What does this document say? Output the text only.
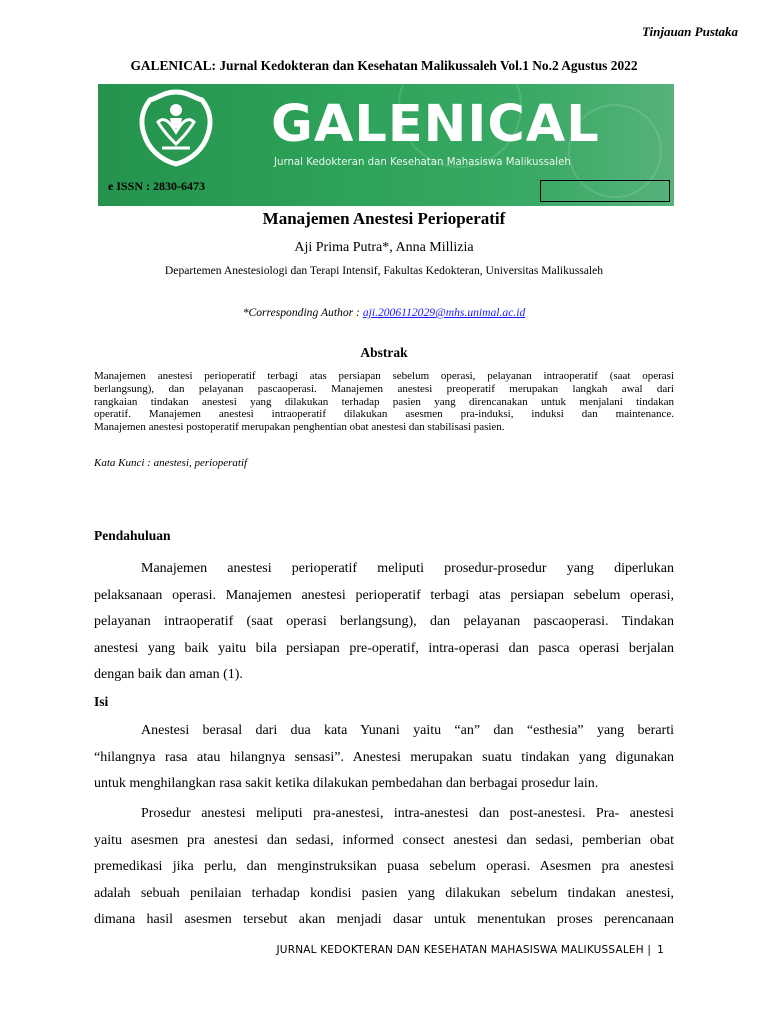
Tinjauan Pustaka
GALENICAL: Jurnal Kedokteran dan Kesehatan Malikussaleh Vol.1 No.2 Agustus 2022
GALENICAL
Jurnal Kedokteran dan Kesehatan Mahasiswa Malikussaleh
e ISSN : 2830-6473
Manajemen Anestesi Perioperatif
Aji Prima Putra*, Anna Millizia
Departemen Anestesiologi dan Terapi Intensif, Fakultas Kedokteran, Universitas Malikussaleh
*Corresponding Author : aji.2006112029@mhs.unimal.ac.id
Abstrak
Manajemen anestesi perioperatif terbagi atas persiapan sebelum operasi, pelayanan intraoperatif (saat operasi
berlangsung), dan pelayanan pascaoperasi. Manajemen anestesi preoperatif merupakan langkah awal dari
rangkaian tindakan anestesi yang dilakukan terhadap pasien yang direncanakan untuk menjalani tindakan
operatif. Manajemen anestesi intraoperatif dilakukan asesmen pra-induksi, induksi dan maintenance.
Manajemen anestesi postoperatif merupakan penghentian obat anestesi dan stabilisasi pasien.
Kata Kunci : anestesi, perioperatif
Pendahuluan
Manajemen anestesi perioperatif meliputi prosedur-prosedur yang diperlukan
pelaksanaan operasi. Manajemen anestesi perioperatif terbagi atas persiapan sebelum operasi,
pelayanan intraoperatif (saat operasi berlangsung), dan pelayanan pascaoperasi. Tindakan
anestesi yang baik yaitu bila persiapan pre-operatif, intra-operasi dan pasca operasi berjalan
dengan baik dan aman (1).
Isi
Anestesi berasal dari dua kata Yunani yaitu “an” dan “esthesia” yang berarti
“hilangnya rasa atau hilangnya sensasi”. Anestesi merupakan suatu tindakan yang digunakan
untuk menghilangkan rasa sakit ketika dilakukan pembedahan dan berbagai prosedur lain.
Prosedur anestesi meliputi pra-anestesi, intra-anestesi dan post-anestesi. Pra- anestesi
yaitu asesmen pra anestesi dan sedasi, informed consect anestesi dan sedasi, pemberian obat
premedikasi jika perlu, dan menginstruksikan puasa sebelum operasi. Asesmen pra anestesi
adalah sebuah penilaian terhadap kondisi pasien yang dilakukan sebelum tindakan anestesi,
dimana hasil asesmen tersebut akan menjadi dasar untuk menentukan proses perencanaan
JURNAL KEDOKTERAN DAN KESEHATAN MAHASISWA MALIKUSSALEH | 1
